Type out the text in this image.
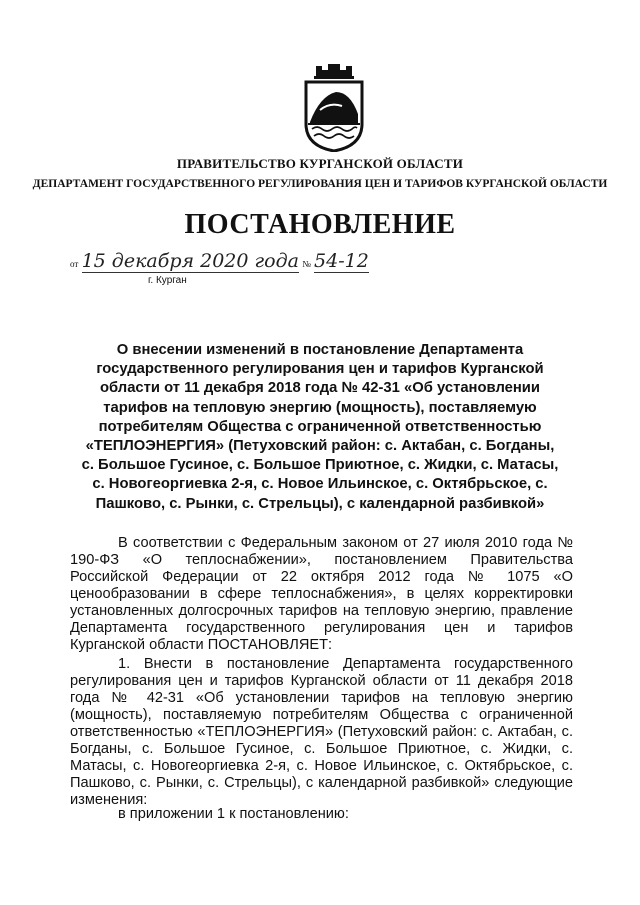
ПРАВИТЕЛЬСТВО КУРГАНСКОЙ ОБЛАСТИ
ДЕПАРТАМЕНТ ГОСУДАРСТВЕННОГО РЕГУЛИРОВАНИЯ ЦЕН И ТАРИФОВ КУРГАНСКОЙ ОБЛАСТИ
ПОСТАНОВЛЕНИЕ
от 15 декабря 2020 года № 54-12
г. Курган
О внесении изменений в постановление Департамента государственного регулирования цен и тарифов Курганской области от 11 декабря 2018 года № 42-31 «Об установлении тарифов на тепловую энергию (мощность), поставляемую потребителям Общества с ограниченной ответственностью «ТЕПЛОЭНЕРГИЯ» (Петуховский район: с. Актабан, с. Богданы, с. Большое Гусиное, с. Большое Приютное, с. Жидки, с. Матасы, с. Новогеоргиевка 2-я, с. Новое Ильинское, с. Октябрьское, с. Пашково, с. Рынки, с. Стрельцы), с календарной разбивкой»

В соответствии с Федеральным законом от 27 июля 2010 года № 190-ФЗ «О теплоснабжении», постановлением Правительства Российской Федерации от 22 октября 2012 года № 1075 «О ценообразовании в сфере теплоснабжения», в целях корректировки установленных долгосрочных тарифов на тепловую энергию, правление Департамента государственного регулирования цен и тарифов Курганской области ПОСТАНОВЛЯЕТ:

1. Внести в постановление Департамента государственного регулирования цен и тарифов Курганской области от 11 декабря 2018 года № 42-31 «Об установлении тарифов на тепловую энергию (мощность), поставляемую потребителям Общества с ограниченной ответственностью «ТЕПЛОЭНЕРГИЯ» (Петуховский район: с. Актабан, с. Богданы, с. Большое Гусиное, с. Большое Приютное, с. Жидки, с. Матасы, с. Новогеоргиевка 2-я, с. Новое Ильинское, с. Октябрьское, с. Пашково, с. Рынки, с. Стрельцы), с календарной разбивкой» следующие изменения:

в приложении 1 к постановлению:
